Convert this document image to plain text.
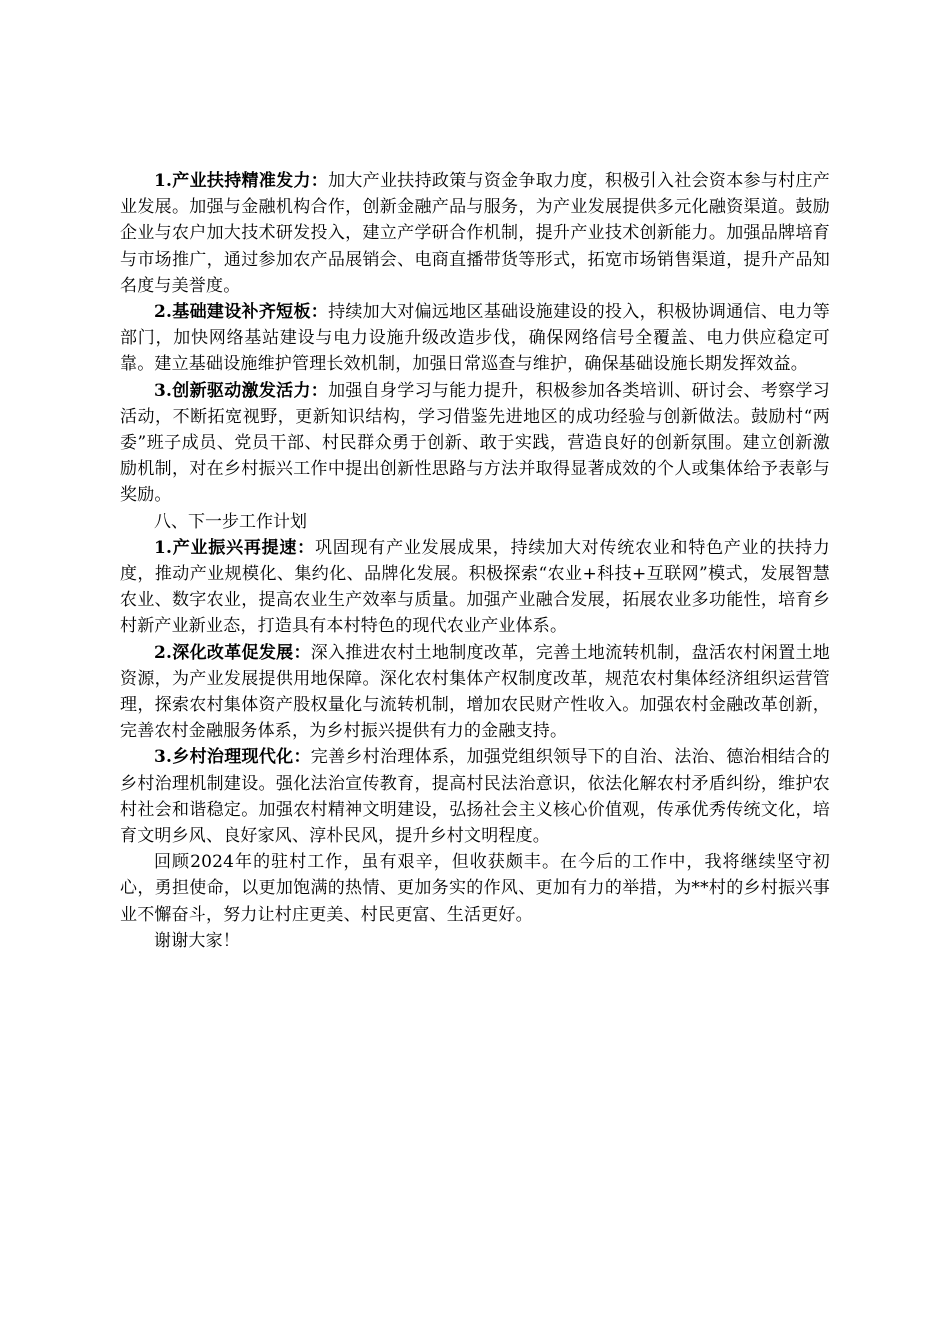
1.产业扶持精准发力：加大产业扶持政策与资金争取力度，积极引入社会资本参与村庄产业发展。加强与金融机构合作，创新金融产品与服务，为产业发展提供多元化融资渠道。鼓励企业与农户加大技术研发投入，建立产学研合作机制，提升产业技术创新能力。加强品牌培育与市场推广，通过参加农产品展销会、电商直播带货等形式，拓宽市场销售渠道，提升产品知名度与美誉度。

2.基础建设补齐短板：持续加大对偏远地区基础设施建设的投入，积极协调通信、电力等部门，加快网络基站建设与电力设施升级改造步伐，确保网络信号全覆盖、电力供应稳定可靠。建立基础设施维护管理长效机制，加强日常巡查与维护，确保基础设施长期发挥效益。

3.创新驱动激发活力：加强自身学习与能力提升，积极参加各类培训、研讨会、考察学习活动，不断拓宽视野，更新知识结构，学习借鉴先进地区的成功经验与创新做法。鼓励村“两委”班子成员、党员干部、村民群众勇于创新、敢于实践，营造良好的创新氛围。建立创新激励机制，对在乡村振兴工作中提出创新性思路与方法并取得显著成效的个人或集体给予表彰与奖励。

八、下一步工作计划

1.产业振兴再提速：巩固现有产业发展成果，持续加大对传统农业和特色产业的扶持力度，推动产业规模化、集约化、品牌化发展。积极探索“农业+科技+互联网”模式，发展智慧农业、数字农业，提高农业生产效率与质量。加强产业融合发展，拓展农业多功能性，培育乡村新产业新业态，打造具有本村特色的现代农业产业体系。

2.深化改革促发展：深入推进农村土地制度改革，完善土地流转机制，盘活农村闲置土地资源，为产业发展提供用地保障。深化农村集体产权制度改革，规范农村集体经济组织运营管理，探索农村集体资产股权量化与流转机制，增加农民财产性收入。加强农村金融改革创新，完善农村金融服务体系，为乡村振兴提供有力的金融支持。

3.乡村治理现代化：完善乡村治理体系，加强党组织领导下的自治、法治、德治相结合的乡村治理机制建设。强化法治宣传教育，提高村民法治意识，依法化解农村矛盾纠纷，维护农村社会和谐稳定。加强农村精神文明建设，弘扬社会主义核心价值观，传承优秀传统文化，培育文明乡风、良好家风、淳朴民风，提升乡村文明程度。

回顾2024年的驻村工作，虽有艰辛，但收获颇丰。在今后的工作中，我将继续坚守初心，勇担使命，以更加饱满的热情、更加务实的作风、更加有力的举措，为**村的乡村振兴事业不懈奋斗，努力让村庄更美、村民更富、生活更好。

谢谢大家！
